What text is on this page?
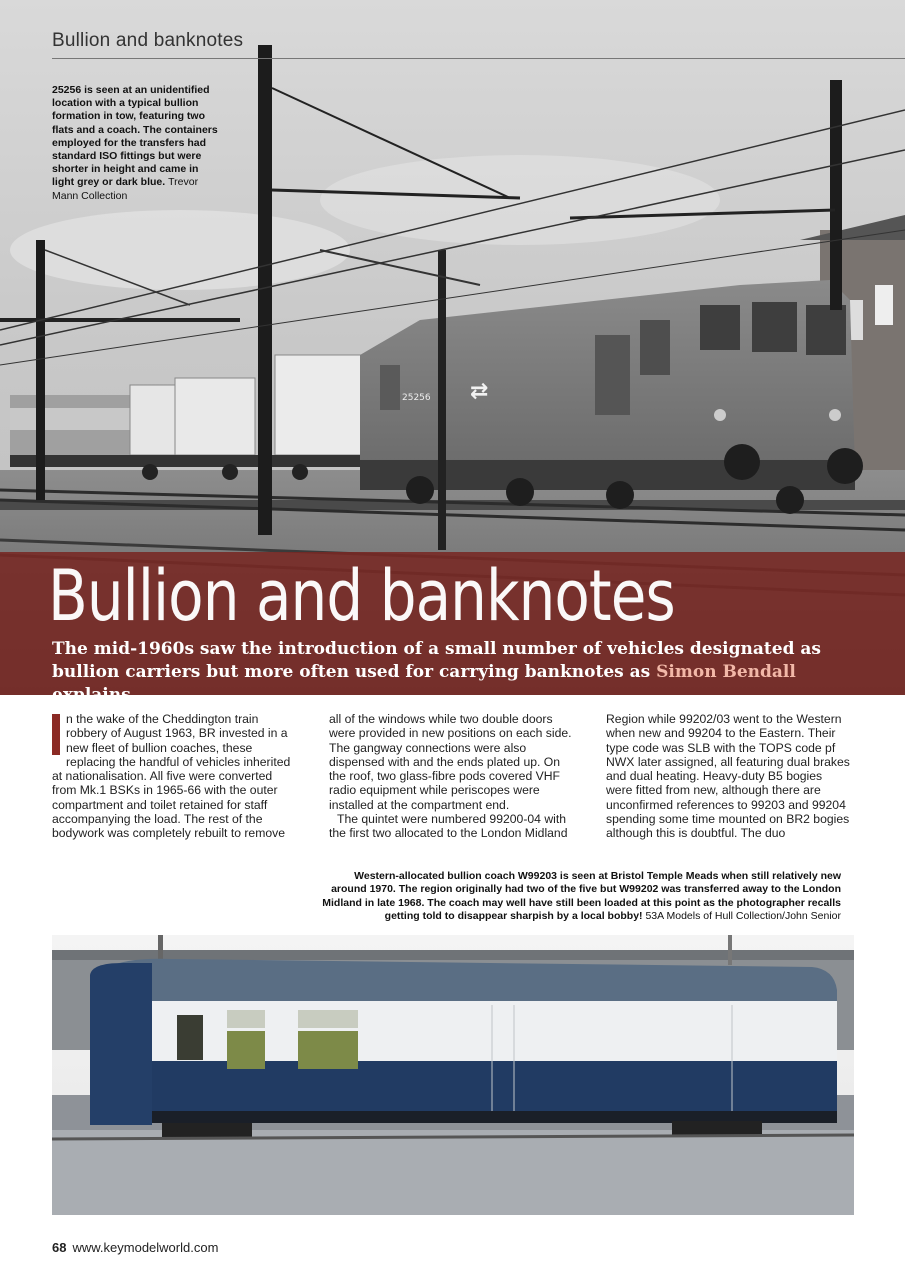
⇄
25256
Bullion and banknotes
25256 is seen at an unidentified location with a typical bullion formation in tow, featuring two flats and a coach. The containers employed for the transfers had standard ISO fittings but were shorter in height and came in light grey or dark blue. Trevor Mann Collection
Bullion and banknotes
The mid-1960s saw the introduction of a small number of vehicles designated as bullion carriers but more often used for carrying banknotes as Simon Bendall explains.

n the wake of the Cheddington train robbery of August 1963, BR invested in a new fleet of bullion coaches, these replacing the handful of vehicles inherited at nationalisation. All five were converted from Mk.1 BSKs in 1965-66 with the outer compartment and toilet retained for staff accompanying the load. The rest of the bodywork was completely rebuilt to remove

all of the windows while two double doors were provided in new positions on each side. The gangway connections were also dispensed with and the ends plated up. On the roof, two glass-fibre pods covered VHF radio equipment while periscopes were installed at the compartment end.

The quintet were numbered 99200-04 with the first two allocated to the London Midland

Region while 99202/03 went to the Western when new and 99204 to the Eastern. Their type code was SLB with the TOPS code pf NWX later assigned, all featuring dual brakes and dual heating. Heavy-duty B5 bogies were fitted from new, although there are unconfirmed references to 99203 and 99204 spending some time mounted on BR2 bogies although this is doubtful. The duo

Western-allocated bullion coach W99203 is seen at Bristol Temple Meads when still relatively new around 1970. The region originally had two of the five but W99202 was transferred away to the London Midland in late 1968. The coach may well have still been loaded at this point as the photographer recalls getting told to disappear sharpish by a local bobby! 53A Models of Hull Collection/John Senior
68 www.keymodelworld.com
